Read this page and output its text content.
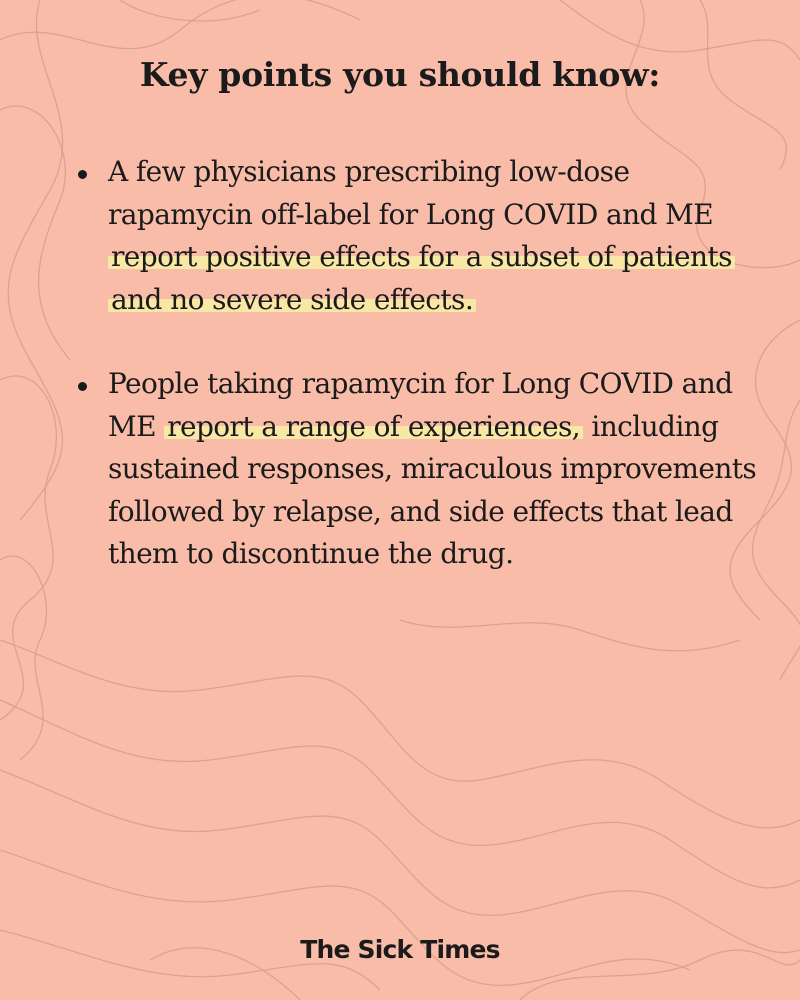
Key points you should know:
A few physicians prescribing low-dose rapamycin off-label for Long COVID and ME report positive effects for a subset of patients and no severe side effects.
People taking rapamycin for Long COVID and ME report a range of experiences, including sustained responses, miraculous improvements followed by relapse, and side effects that lead them to discontinue the drug.
The Sick Times
